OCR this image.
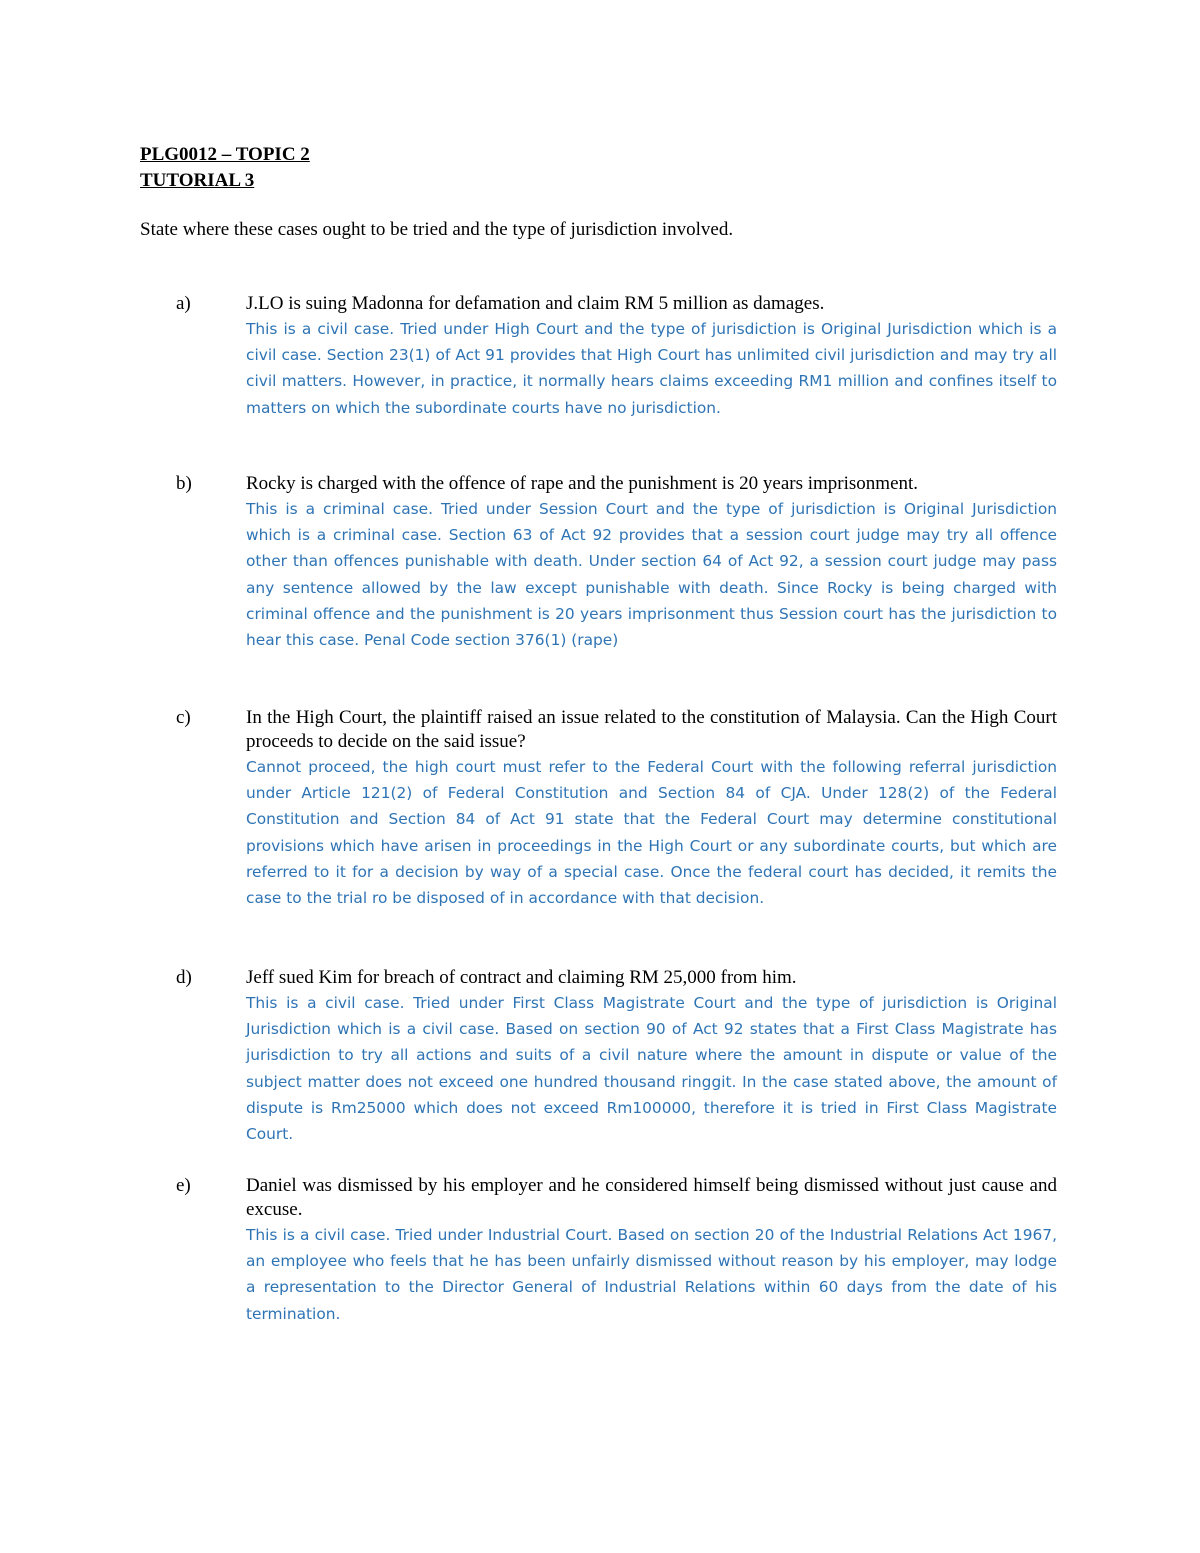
PLG0012 – TOPIC 2
TUTORIAL 3
State where these cases ought to be tried and the type of jurisdiction involved.
a)	J.LO is suing Madonna for defamation and claim RM 5 million as damages.

This is a civil case. Tried under High Court and the type of jurisdiction is Original Jurisdiction which is a civil case. Section 23(1) of Act 91 provides that High Court has unlimited civil jurisdiction and may try all civil matters. However, in practice, it normally hears claims exceeding RM1 million and confines itself to matters on which the subordinate courts have no jurisdiction.

b)	Rocky is charged with the offence of rape and the punishment is 20 years imprisonment.

This is a criminal case. Tried under Session Court and the type of jurisdiction is Original Jurisdiction which is a criminal case. Section 63 of Act 92 provides that a session court judge may try all offence other than offences punishable with death. Under section 64 of Act 92, a session court judge may pass any sentence allowed by the law except punishable with death. Since Rocky is being charged with criminal offence and the punishment is 20 years imprisonment thus Session court has the jurisdiction to hear this case. Penal Code section 376(1) (rape)

c)	In the High Court, the plaintiff raised an issue related to the constitution of Malaysia. Can the High Court proceeds to decide on the said issue?

Cannot proceed, the high court must refer to the Federal Court with the following referral jurisdiction under Article 121(2) of Federal Constitution and Section 84 of CJA. Under 128(2) of the Federal Constitution and Section 84 of Act 91 state that the Federal Court may determine constitutional provisions which have arisen in proceedings in the High Court or any subordinate courts, but which are referred to it for a decision by way of a special case. Once the federal court has decided, it remits the case to the trial ro be disposed of in accordance with that decision.

d)	Jeff sued Kim for breach of contract and claiming RM 25,000 from him.

This is a civil case. Tried under First Class Magistrate Court and the type of jurisdiction is Original Jurisdiction which is a civil case. Based on section 90 of Act 92 states that a First Class Magistrate has jurisdiction to try all actions and suits of a civil nature where the amount in dispute or value of the subject matter does not exceed one hundred thousand ringgit. In the case stated above, the amount of dispute is Rm25000 which does not exceed Rm100000, therefore it is tried in First Class Magistrate Court.

e)	Daniel was dismissed by his employer and he considered himself being dismissed without just cause and excuse.

This is a civil case. Tried under Industrial Court. Based on section 20 of the Industrial Relations Act 1967, an employee who feels that he has been unfairly dismissed without reason by his employer, may lodge a representation to the Director General of Industrial Relations within 60 days from the date of his termination.
